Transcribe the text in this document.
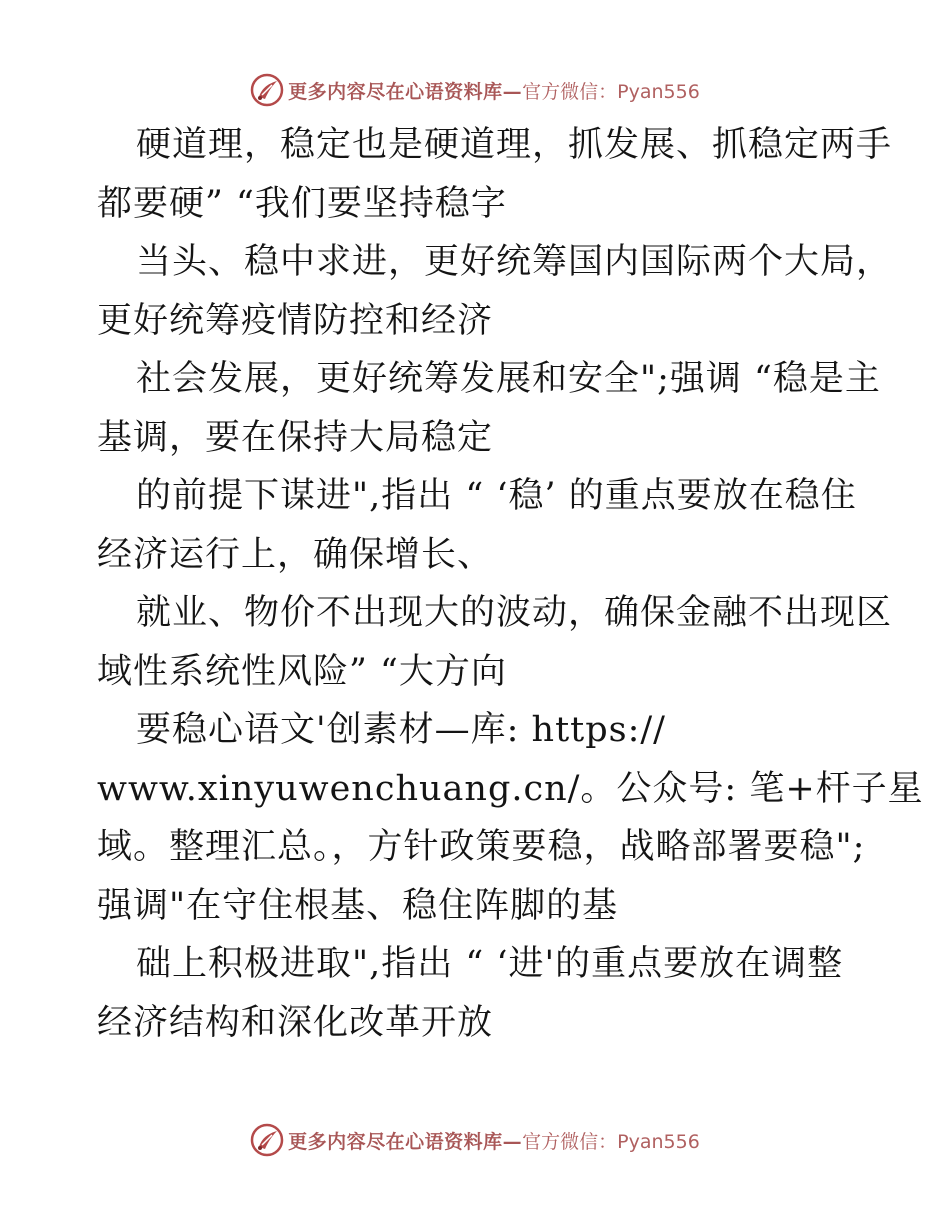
更多内容尽在心语资料库— 官方微信：Pyan556
硬道理，稳定也是硬道理，抓发展、抓稳定两手
都要硬” “我们要坚持稳字
当头、稳中求进，更好统筹国内国际两个大局，
更好统筹疫情防控和经济
社会发展，更好统筹发展和安全";强调 “稳是主
基调，要在保持大局稳定
的前提下谋进",指出 “ ‘稳’ 的重点要放在稳住
经济运行上，确保增长、
就业、物价不出现大的波动，确保金融不出现区
域性系统性风险” “大方向
要稳心语文'创素材—库: https://
www.xinyuwenchuang.cn/。公众号: 笔+杆子星
域。整理汇总。，方针政策要稳，战略部署要稳";
强调"在守住根基、稳住阵脚的基
础上积极进取",指出 “ ‘进'的重点要放在调整
经济结构和深化改革开放
更多内容尽在心语资料库— 官方微信：Pyan556
